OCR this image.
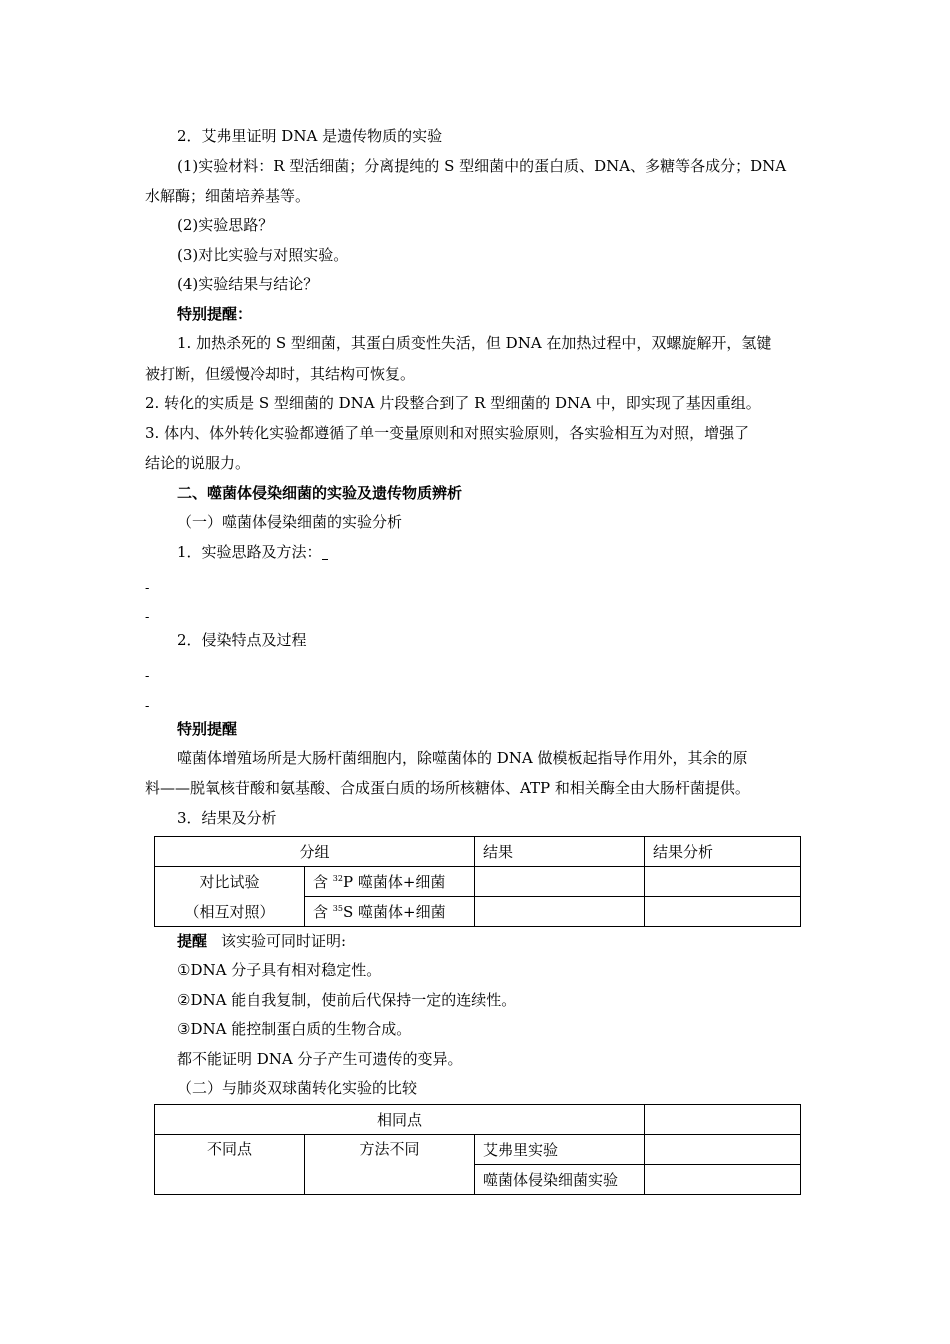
2．艾弗里证明 DNA 是遗传物质的实验
(1)实验材料：R 型活细菌；分离提纯的 S 型细菌中的蛋白质、DNA、多糖等各成分；DNA
水解酶；细菌培养基等。
(2)实验思路？
(3)对比实验与对照实验。
(4)实验结果与结论？
特别提醒：
1. 加热杀死的 S 型细菌，其蛋白质变性失活，但 DNA 在加热过程中，双螺旋解开，氢键
被打断，但缓慢冷却时，其结构可恢复。
2. 转化的实质是 S 型细菌的 DNA 片段整合到了 R 型细菌的 DNA 中，即实现了基因重组。
3. 体内、体外转化实验都遵循了单一变量原则和对照实验原则，各实验相互为对照，增强了
结论的说服力。
二、噬菌体侵染细菌的实验及遗传物质辨析
（一）噬菌体侵染细菌的实验分析
1．实验思路及方法：
-
-
2．侵染特点及过程
-
-
特别提醒
噬菌体增殖场所是大肠杆菌细胞内，除噬菌体的 DNA 做模板起指导作用外，其余的原
料——脱氧核苷酸和氨基酸、合成蛋白质的场所核糖体、ATP 和相关酶全由大肠杆菌提供。
3．结果及分析
分组		结果	结果分析

对比试验
（相互对照）	含 $^{32}$P 噬菌体+细菌		
	含 $^{35}$S 噬菌体+细菌		
提醒 该实验可同时证明:
①DNA 分子具有相对稳定性。
②DNA 能自我复制，使前后代保持一定的连续性。
③DNA 能控制蛋白质的生物合成。
都不能证明 DNA 分子产生可遗传的变异。
（二）与肺炎双球菌转化实验的比较
相同点			
不同点	方法不同	艾弗里实验	
		噬菌体侵染细菌实验	
